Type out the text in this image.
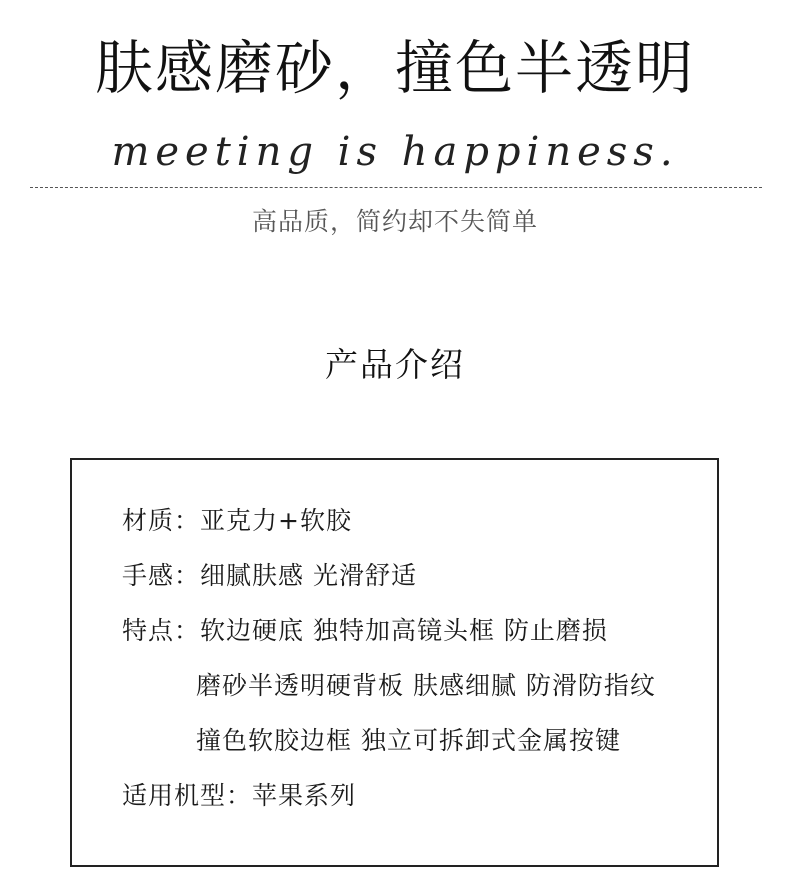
肤感磨砂，撞色半透明
meeting is happiness.
高品质，简约却不失简单
产品介绍
材质：亚克力+软胶
手感：细腻肤感 光滑舒适
特点：软边硬底 独特加高镜头框 防止磨损
磨砂半透明硬背板 肤感细腻 防滑防指纹
撞色软胶边框 独立可拆卸式金属按键
适用机型：苹果系列
